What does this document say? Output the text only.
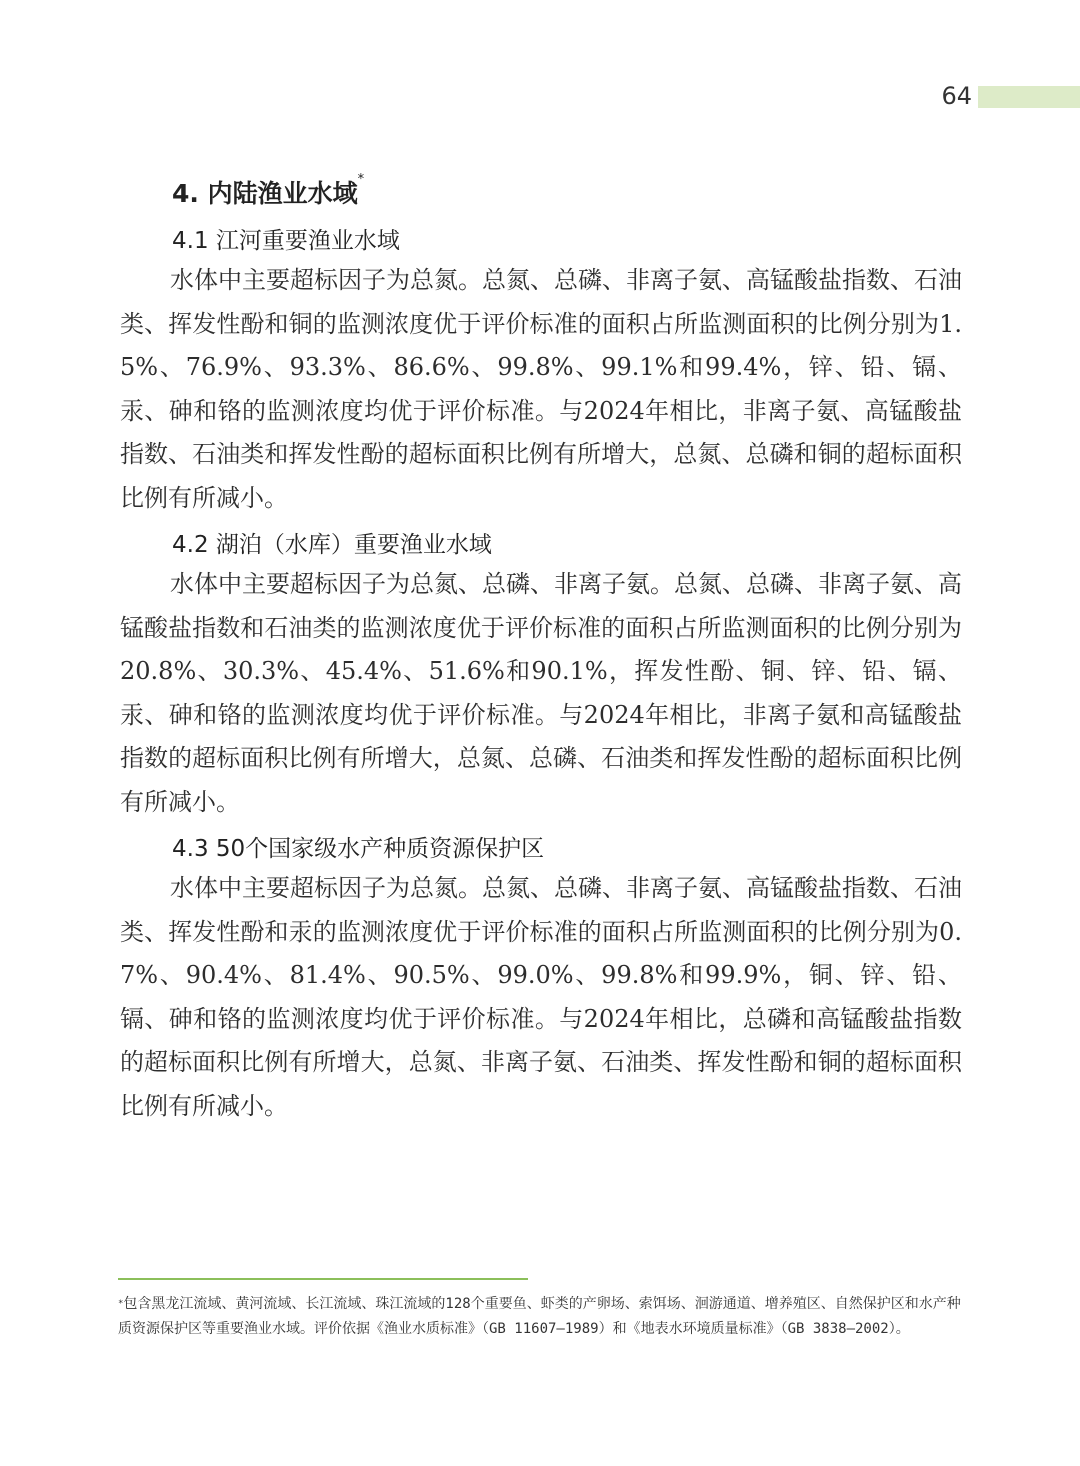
64
4. 内陆渔业水域*
4.1 江河重要渔业水域

水体中主要超标因子为总氮。总氮、总磷、非离子氨、高锰酸盐指数、石油类、挥发性酚和铜的监测浓度优于评价标准的面积占所监测面积的比例分别为1.5%、76.9%、93.3%、86.6%、99.8%、99.1%和99.4%，锌、铅、镉、汞、砷和铬的监测浓度均优于评价标准。与2024年相比，非离子氨、高锰酸盐指数、石油类和挥发性酚的超标面积比例有所增大，总氮、总磷和铜的超标面积比例有所减小。

4.2 湖泊（水库）重要渔业水域

水体中主要超标因子为总氮、总磷、非离子氨。总氮、总磷、非离子氨、高锰酸盐指数和石油类的监测浓度优于评价标准的面积占所监测面积的比例分别为20.8%、30.3%、45.4%、51.6%和90.1%，挥发性酚、铜、锌、铅、镉、汞、砷和铬的监测浓度均优于评价标准。与2024年相比，非离子氨和高锰酸盐指数的超标面积比例有所增大，总氮、总磷、石油类和挥发性酚的超标面积比例有所减小。

4.3 50个国家级水产种质资源保护区

水体中主要超标因子为总氮。总氮、总磷、非离子氨、高锰酸盐指数、石油类、挥发性酚和汞的监测浓度优于评价标准的面积占所监测面积的比例分别为0.7%、90.4%、81.4%、90.5%、99.0%、99.8%和99.9%，铜、锌、铅、镉、砷和铬的监测浓度均优于评价标准。与2024年相比，总磷和高锰酸盐指数的超标面积比例有所增大，总氮、非离子氨、石油类、挥发性酚和铜的超标面积比例有所减小。

*包含黑龙江流域、黄河流域、长江流域、珠江流域的128个重要鱼、虾类的产卵场、索饵场、洄游通道、增养殖区、自然保护区和水产种质资源保护区等重要渔业水域。评价依据《渔业水质标准》（GB 11607—1989）和《地表水环境质量标准》（GB 3838—2002）。
